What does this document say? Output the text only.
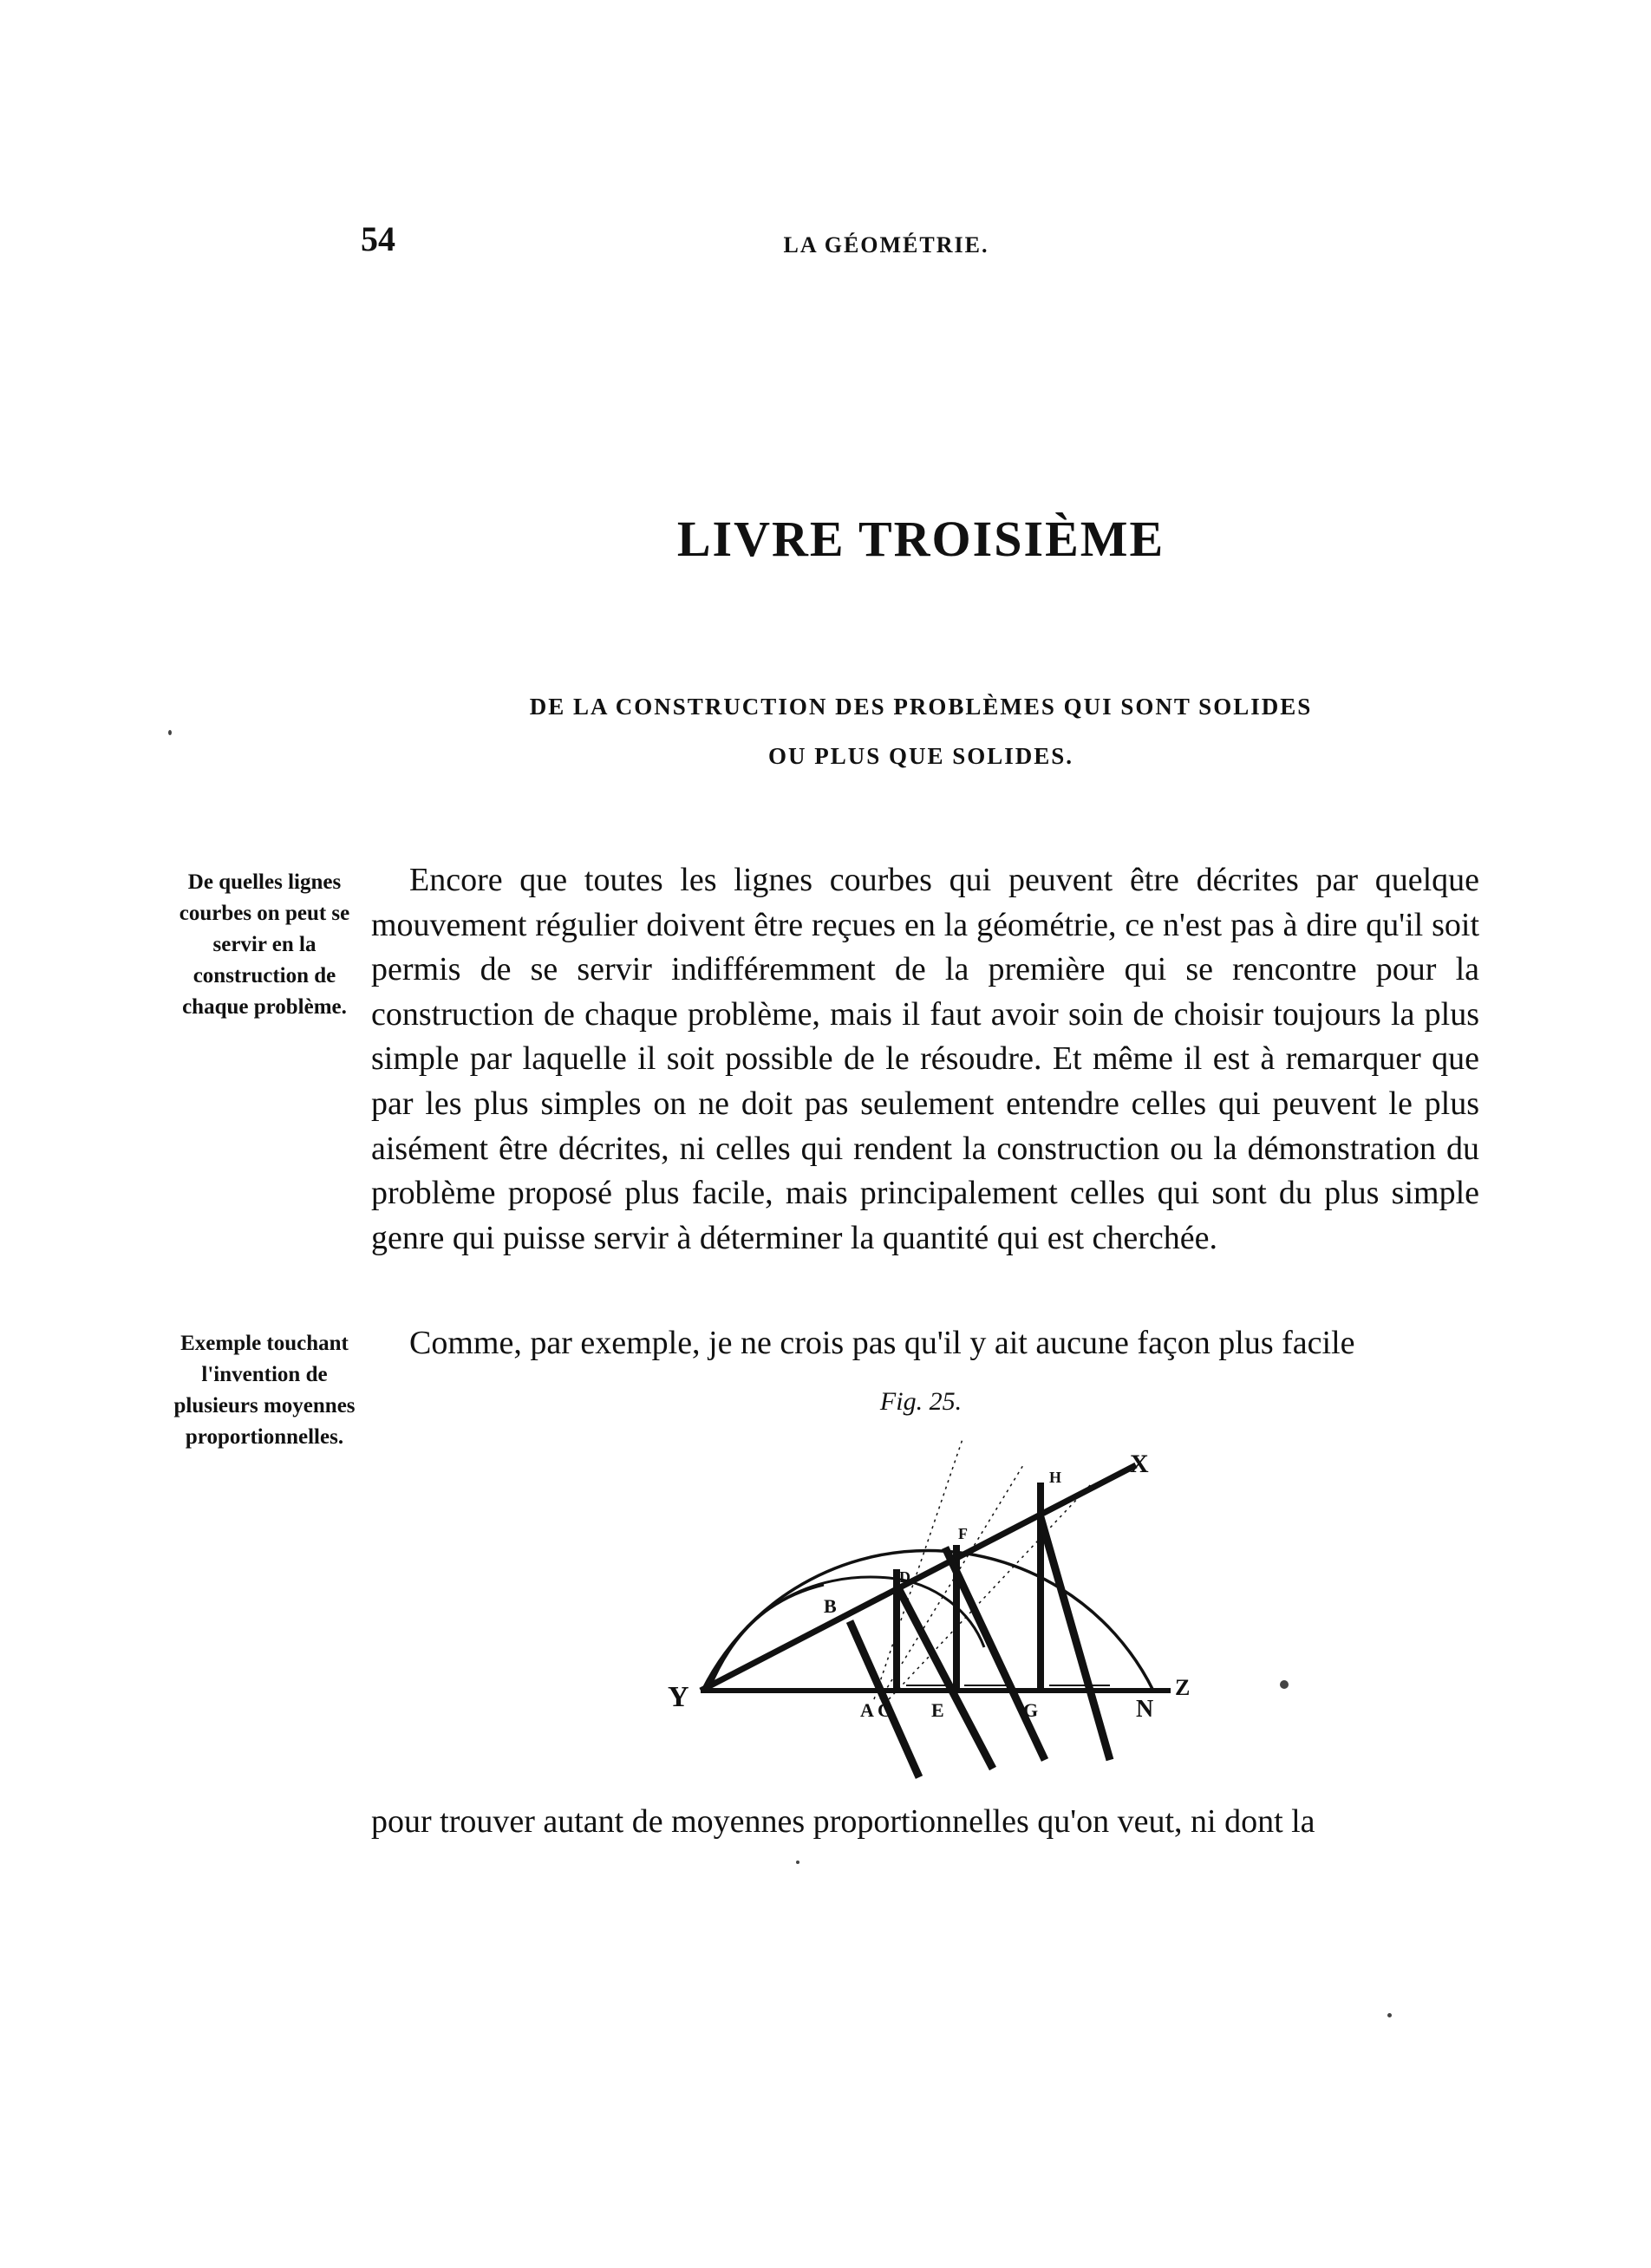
54	LA GÉOMÉTRIE.
LIVRE TROISIÈME
DE LA CONSTRUCTION DES PROBLÈMES QUI SONT SOLIDES
OU PLUS QUE SOLIDES.
De quelles lignes courbes on peut se servir en la construction de chaque problème.
Exemple touchant l'invention de plusieurs moyennes proportionnelles.
Encore que toutes les lignes courbes qui peuvent être décrites par quelque mouvement régulier doivent être reçues en la géométrie, ce n'est pas à dire qu'il soit permis de se servir indifféremment de la première qui se rencontre pour la construction de chaque problème, mais il faut avoir soin de choisir toujours la plus simple par laquelle il soit possible de le résoudre. Et même il est à remarquer que par les plus simples on ne doit pas seulement entendre celles qui peuvent le plus aisément être décrites, ni celles qui rendent la construction ou la démonstration du problème proposé plus facile, mais principalement celles qui sont du plus simple genre qui puisse servir à déterminer la quantité qui est cherchée.
Comme, par exemple, je ne crois pas qu'il y ait aucune façon plus facile
Fig. 25.
Y	Z
X
N
B
D
F
H
A C E	G
pour trouver autant de moyennes proportionnelles qu'on veut, ni dont la
